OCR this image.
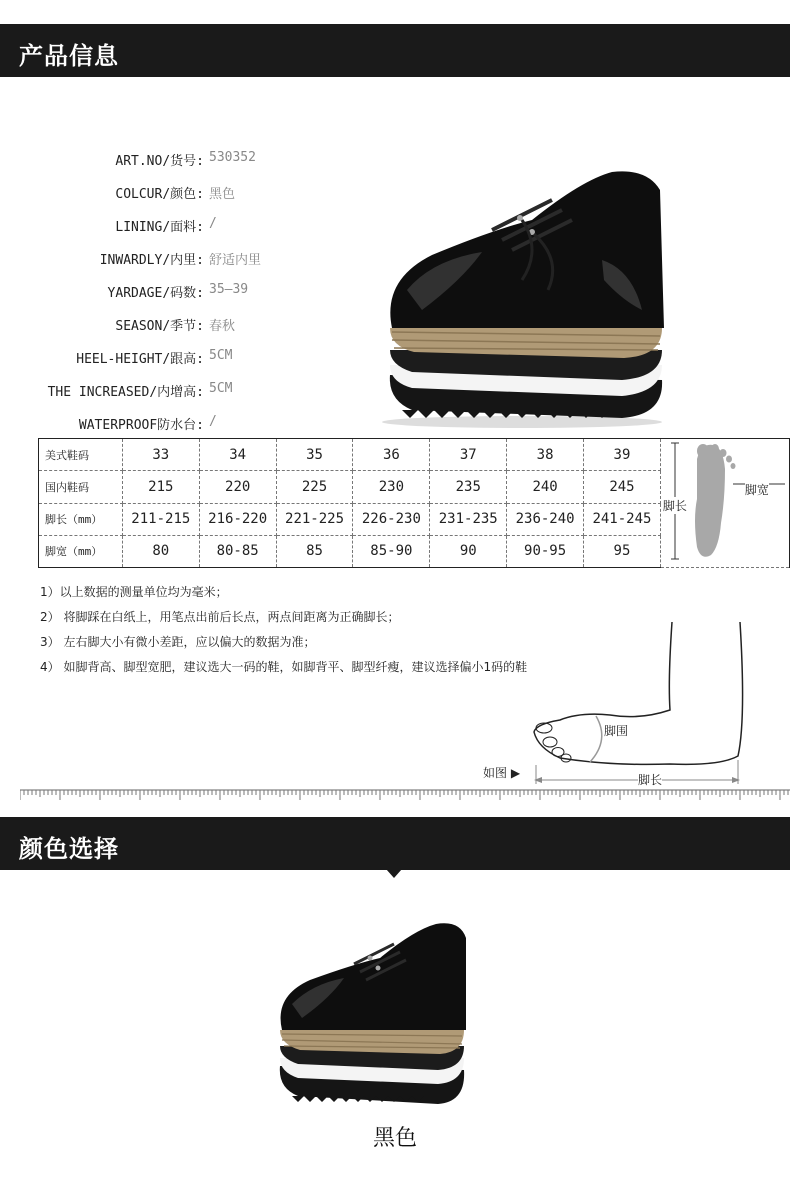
产品信息
ART.NO/货号: 530352
COLCUR/颜色: 黑色
LINING/面料: /
INWARDLY/内里: 舒适内里
YARDAGE/码数: 35—39
SEASON/季节: 春秋
HEEL-HEIGHT/跟高: 5CM
THE INCREASED/内增高: 5CM
WATERPROOF防水台: /
美式鞋码	33	34	35	36	37	38	39	脚长
脚宽

国内鞋码	215	220	225	230	235	240	245	
脚长（mm）	211-215	216-220	221-225	226-230	231-235	236-240	241-245	
脚宽（mm）	80	80-85	85	85-90	90	90-95	95	
1）以上数据的测量单位均为毫米；
2） 将脚踩在白纸上，用笔点出前后长点，两点间距离为正确脚长；
3） 左右脚大小有微小差距，应以偏大的数据为准；
4） 如脚背高、脚型宽肥，建议选大一码的鞋，如脚背平、脚型纤瘦，建议选择偏小1码的鞋
脚围
如图 ▶	脚长
颜色选择
黑色
